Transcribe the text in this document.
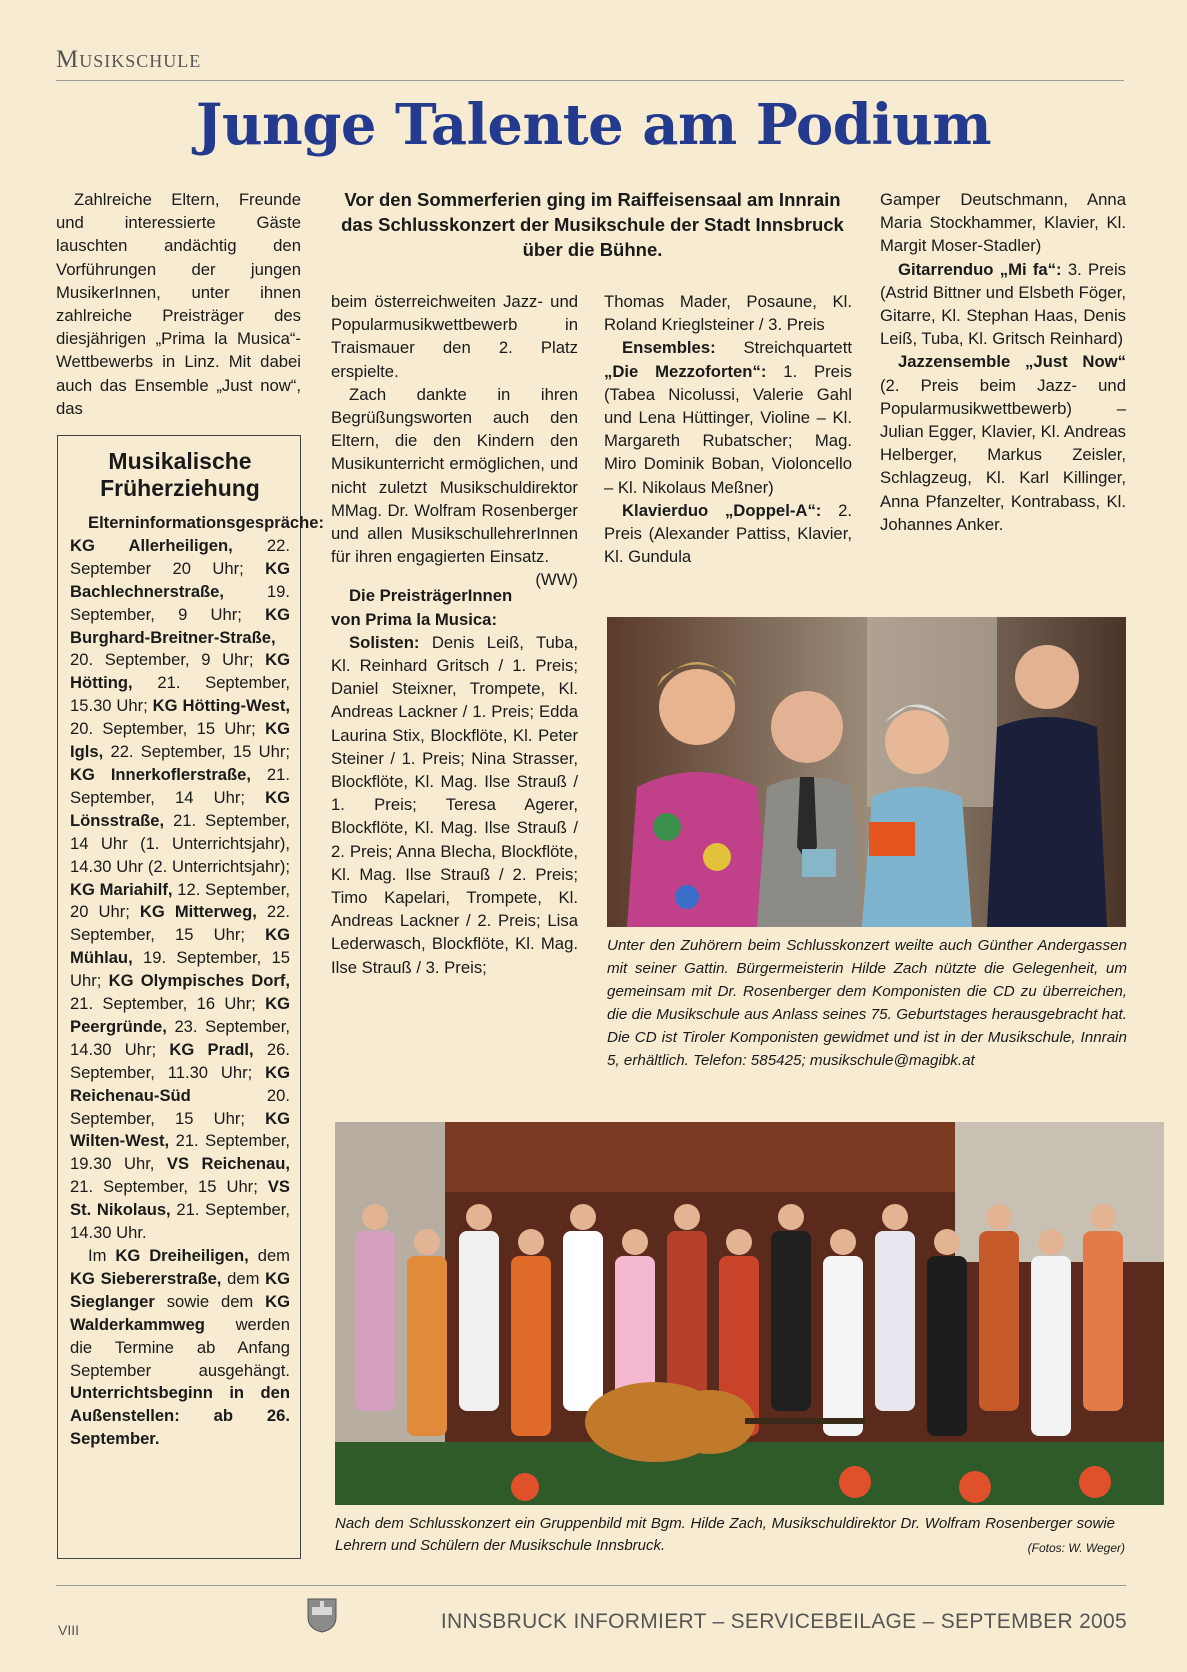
Musikschule
Junge Talente am Podium

Zahlreiche Eltern, Freunde und interessierte Gäste lauschten andächtig den Vorführungen der jungen MusikerInnen, unter ihnen zahlreiche Preisträger des diesjährigen „Prima la Musica“-Wettbewerbs in Linz. Mit dabei auch das Ensemble „Just now“, das

Vor den Sommerferien ging im Raiffeisensaal am Innrain das Schlusskonzert der Musikschule der Stadt Innsbruck über die Bühne.
Musikalische Früherziehung

Elterninformationsgespräche: KG Allerheiligen, 22. September 20 Uhr; KG Bachlechnerstraße, 19. September, 9 Uhr; KG Burghard-Breitner-Straße, 20. September, 9 Uhr; KG Hötting, 21. September, 15.30 Uhr; KG Hötting-West, 20. September, 15 Uhr; KG Igls, 22. September, 15 Uhr; KG Innerkoflerstraße, 21. September, 14 Uhr; KG Lönsstraße, 21. September, 14 Uhr (1. Unterrichtsjahr), 14.30 Uhr (2. Unterrichtsjahr); KG Mariahilf, 12. September, 20 Uhr; KG Mitterweg, 22. September, 15 Uhr; KG Mühlau, 19. September, 15 Uhr; KG Olympisches Dorf, 21. September, 16 Uhr; KG Peergründe, 23. September, 14.30 Uhr; KG Pradl, 26. September, 11.30 Uhr; KG Reichenau-Süd 20. September, 15 Uhr; KG Wilten-West, 21. September, 19.30 Uhr, VS Reichenau, 21. September, 15 Uhr; VS St. Nikolaus, 21. September, 14.30 Uhr.

Im KG Dreiheiligen, dem KG Siebererstraße, dem KG Sieglanger sowie dem KG Walderkammweg werden die Termine ab Anfang September ausgehängt. Unterrichtsbeginn in den Außenstellen: ab 26. September.

beim österreichweiten Jazz- und Popularmusikwettbewerb in Traismauer den 2. Platz erspielte.

Zach dankte in ihren Begrüßungsworten auch den Eltern, die den Kindern den Musikunterricht ermöglichen, und nicht zuletzt Musikschuldirektor MMag. Dr. Wolfram Rosenberger und allen MusikschullehrerInnen für ihren engagierten Einsatz.
(WW)

Die PreisträgerInnen von Prima la Musica:

Solisten: Denis Leiß, Tuba, Kl. Reinhard Gritsch / 1. Preis; Daniel Steixner, Trompete, Kl. Andreas Lackner / 1. Preis; Edda Laurina Stix, Blockflöte, Kl. Peter Steiner / 1. Preis; Nina Strasser, Blockflöte, Kl. Mag. Ilse Strauß / 1. Preis; Teresa Agerer, Blockflöte, Kl. Mag. Ilse Strauß / 2. Preis; Anna Blecha, Blockflöte, Kl. Mag. Ilse Strauß / 2. Preis; Timo Kapelari, Trompete, Kl. Andreas Lackner / 2. Preis; Lisa Lederwasch, Blockflöte, Kl. Mag. Ilse Strauß / 3. Preis;

Thomas Mader, Posaune, Kl. Roland Krieglsteiner / 3. Preis

Ensembles: Streichquartett „Die Mezzoforten“: 1. Preis (Tabea Nicolussi, Valerie Gahl und Lena Hüttinger, Violine – Kl. Margareth Rubatscher; Mag. Miro Dominik Boban, Violoncello – Kl. Nikolaus Meßner)

Klavierduo „Doppel-A“: 2. Preis (Alexander Pattiss, Klavier, Kl. Gundula

Gamper Deutschmann, Anna Maria Stockhammer, Klavier, Kl. Margit Moser-Stadler)

Gitarrenduo „Mi fa“: 3. Preis (Astrid Bittner und Elsbeth Föger, Gitarre, Kl. Stephan Haas, Denis Leiß, Tuba, Kl. Gritsch Reinhard)

Jazzensemble „Just Now“ (2. Preis beim Jazz- und Popularmusikwettbewerb) – Julian Egger, Klavier, Kl. Andreas Helberger, Markus Zeisler, Schlagzeug, Kl. Karl Killinger, Anna Pfanzelter, Kontrabass, Kl. Johannes Anker.

Unter den Zuhörern beim Schlusskonzert weilte auch Günther Andergassen mit seiner Gattin. Bürgermeisterin Hilde Zach nützte die Gelegenheit, um gemeinsam mit Dr. Rosenberger dem Komponisten die CD zu überreichen, die die Musikschule aus Anlass seines 75. Geburtstages herausgebracht hat. Die CD ist Tiroler Komponisten gewidmet und ist in der Musikschule, Innrain 5, erhältlich. Telefon: 585425; musikschule@magibk.at
Nach dem Schlusskonzert ein Gruppenbild mit Bgm. Hilde Zach, Musikschuldirektor Dr. Wolfram Rosenberger sowie Lehrern und Schülern der Musikschule Innsbruck.	(Fotos: W. Weger)
VIII	INNSBRUCK INFORMIERT – SERVICEBEILAGE – SEPTEMBER 2005
